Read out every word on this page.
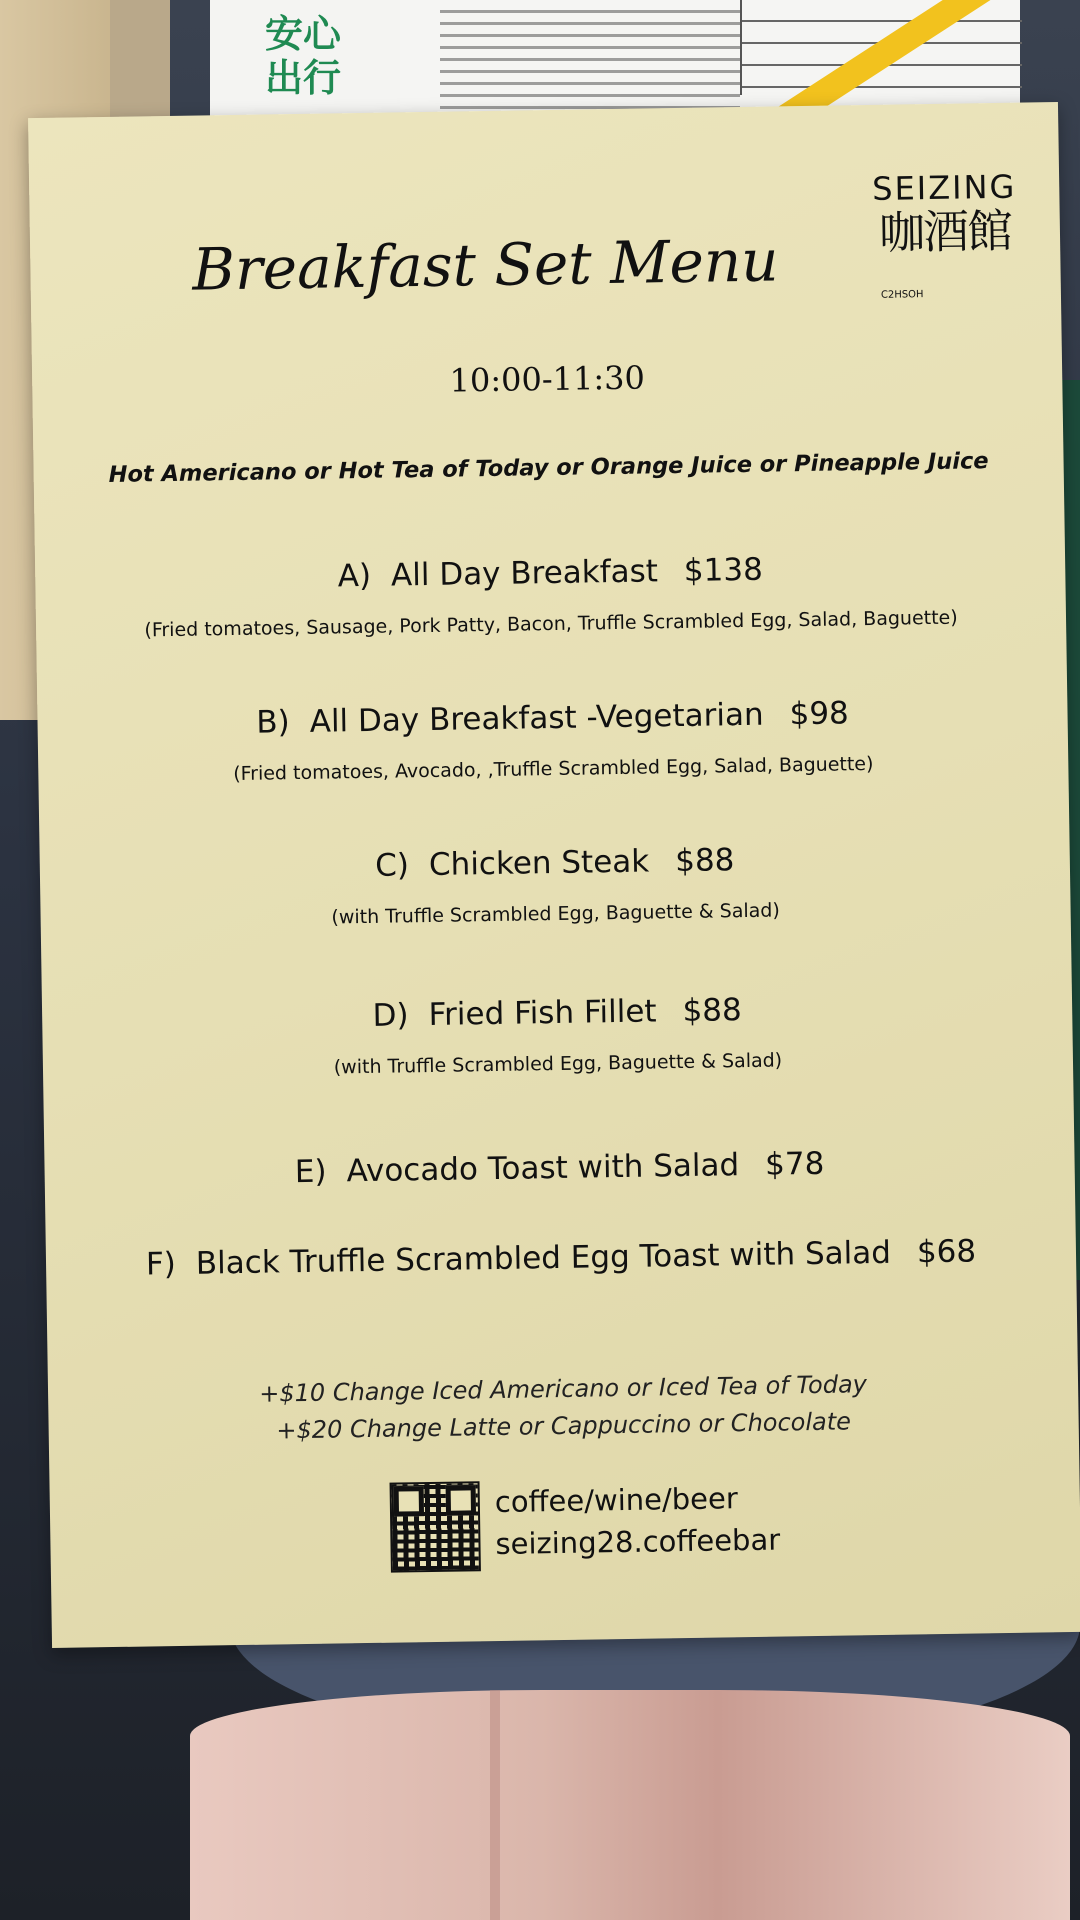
安心出行
SEIZING
咖酒館
C2HSOH
Breakfast Set Menu
10:00-11:30
Hot Americano or Hot Tea of Today or Orange Juice or Pineapple Juice
A) All Day Breakfast $138
(Fried tomatoes, Sausage, Pork Patty, Bacon, Truffle Scrambled Egg, Salad, Baguette)
B) All Day Breakfast -Vegetarian $98
(Fried tomatoes, Avocado, ,Truffle Scrambled Egg, Salad, Baguette)
C) Chicken Steak $88
(with Truffle Scrambled Egg, Baguette & Salad)
D) Fried Fish Fillet $88
(with Truffle Scrambled Egg, Baguette & Salad)
E) Avocado Toast with Salad $78
F) Black Truffle Scrambled Egg Toast with Salad $68
+$10 Change Iced Americano or Iced Tea of Today
+$20 Change Latte or Cappuccino or Chocolate
coffee/wine/beer
seizing28.coffeebar
